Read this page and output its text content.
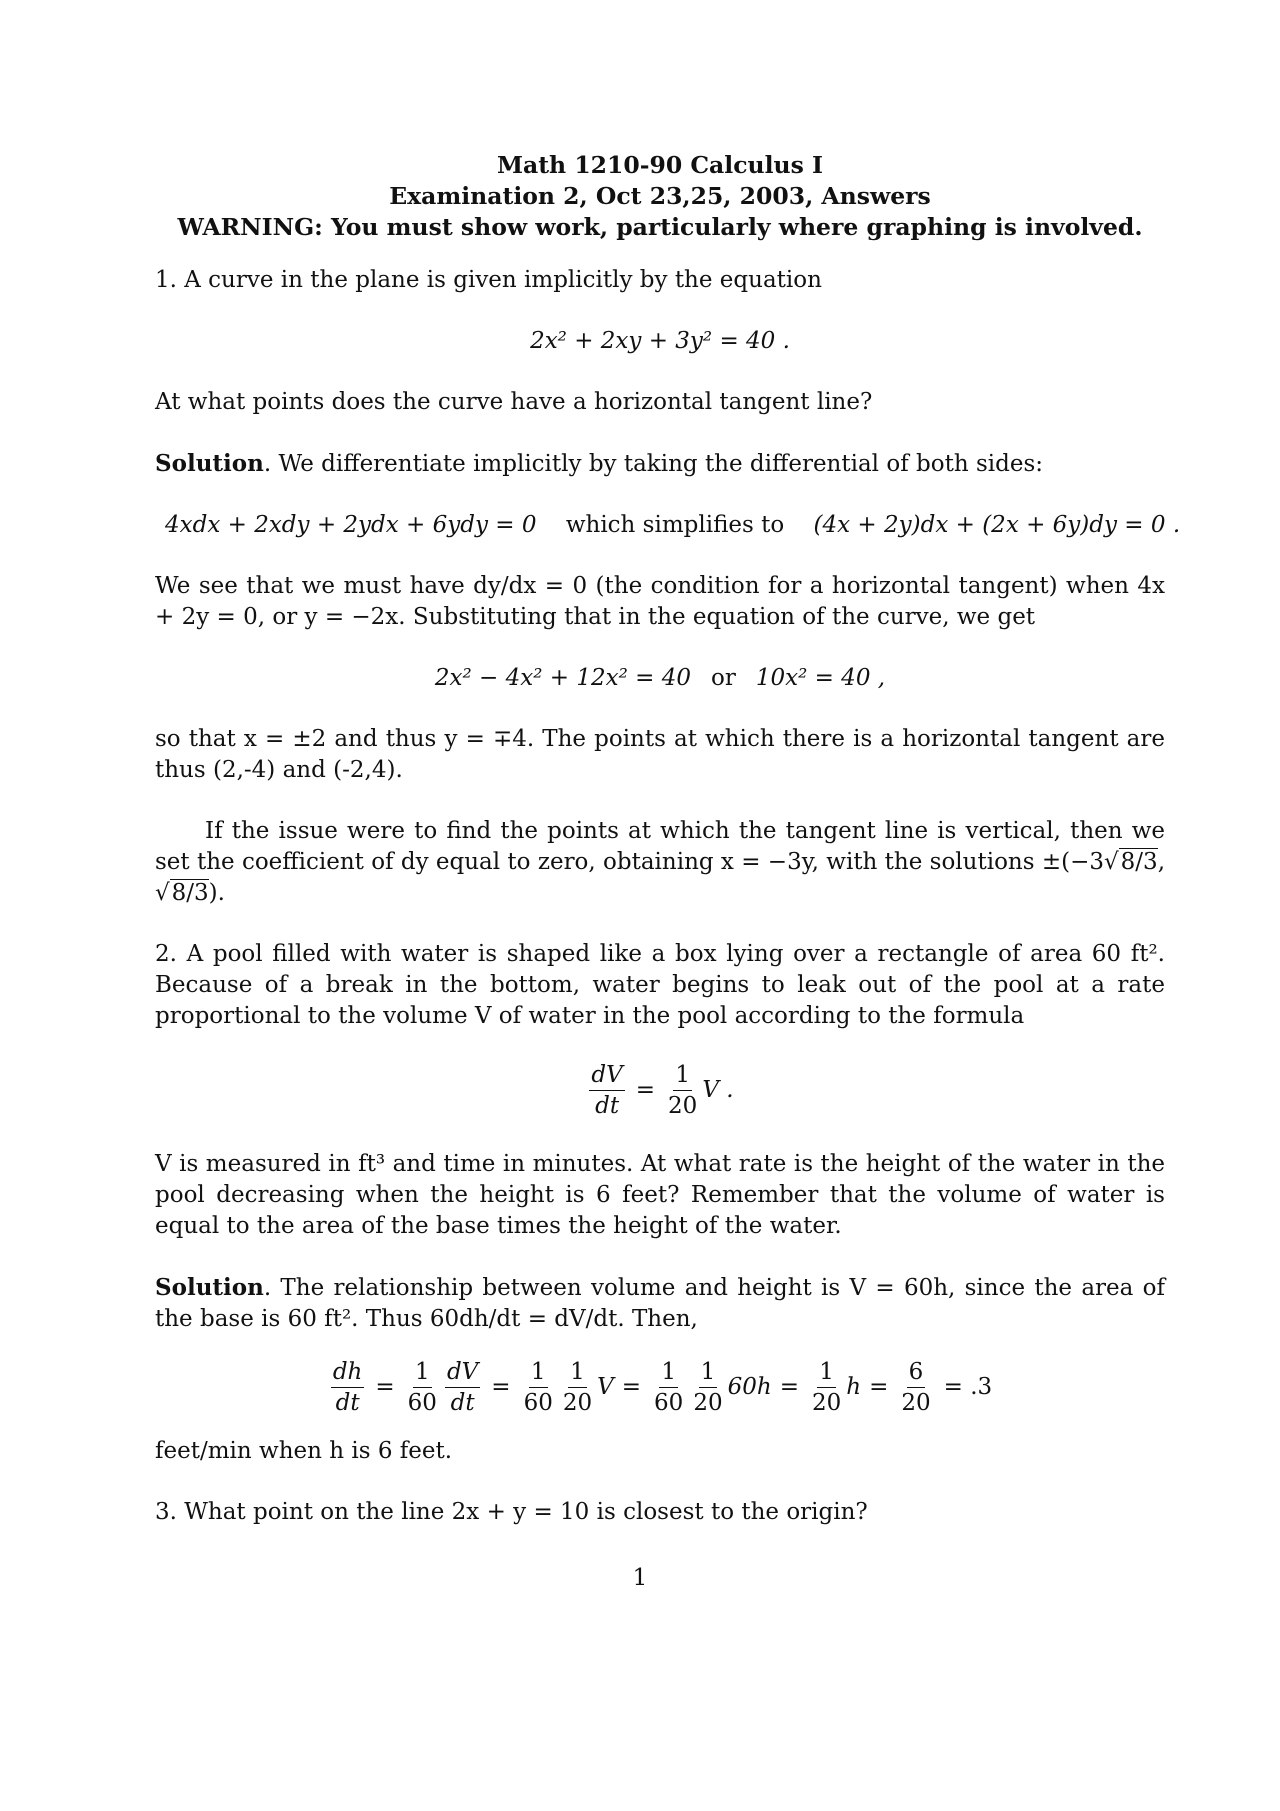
Math 1210-90 Calculus I
Examination 2, Oct 23,25, 2003, Answers
WARNING: You must show work, particularly where graphing is involved.

1. A curve in the plane is given implicitly by the equation

2x² + 2xy + 3y² = 40 .

At what points does the curve have a horizontal tangent line?

Solution. We differentiate implicitly by taking the differential of both sides:

4xdx + 2xdy + 2ydx + 6ydy = 0 which simplifies to (4x + 2y)dx + (2x + 6y)dy = 0 .

We see that we must have dy/dx = 0 (the condition for a horizontal tangent) when 4x + 2y = 0, or y = −2x. Substituting that in the equation of the curve, we get

2x² − 4x² + 12x² = 40 or 10x² = 40 ,

so that x = ±2 and thus y = ∓4. The points at which there is a horizontal tangent are thus (2,-4) and (-2,4).

If the issue were to find the points at which the tangent line is vertical, then we set the coefficient of dy equal to zero, obtaining x = −3y, with the solutions ±(−3√8/3, √8/3).

2. A pool filled with water is shaped like a box lying over a rectangle of area 60 ft². Because of a break in the bottom, water begins to leak out of the pool at a rate proportional to the volume V of water in the pool according to the formula

$\frac{dV}{dt} = \frac{1}{20}$ V .

V is measured in ft³ and time in minutes. At what rate is the height of the water in the pool decreasing when the height is 6 feet? Remember that the volume of water is equal to the area of the base times the height of the water.

Solution. The relationship between volume and height is V = 60h, since the area of the base is 60 ft². Thus 60dh/dt = dV/dt. Then,

$\frac{dh}{dt} = \frac{1}{60} \frac{dV}{dt} = \frac{1}{60} \frac{1}{20}$ $V = \frac{1}{60} \frac{1}{20} 60h = \frac{1}{20}$ $h = \frac{6}{20} = .3$

feet/min when h is 6 feet.

3. What point on the line 2x + y = 10 is closest to the origin?

1
